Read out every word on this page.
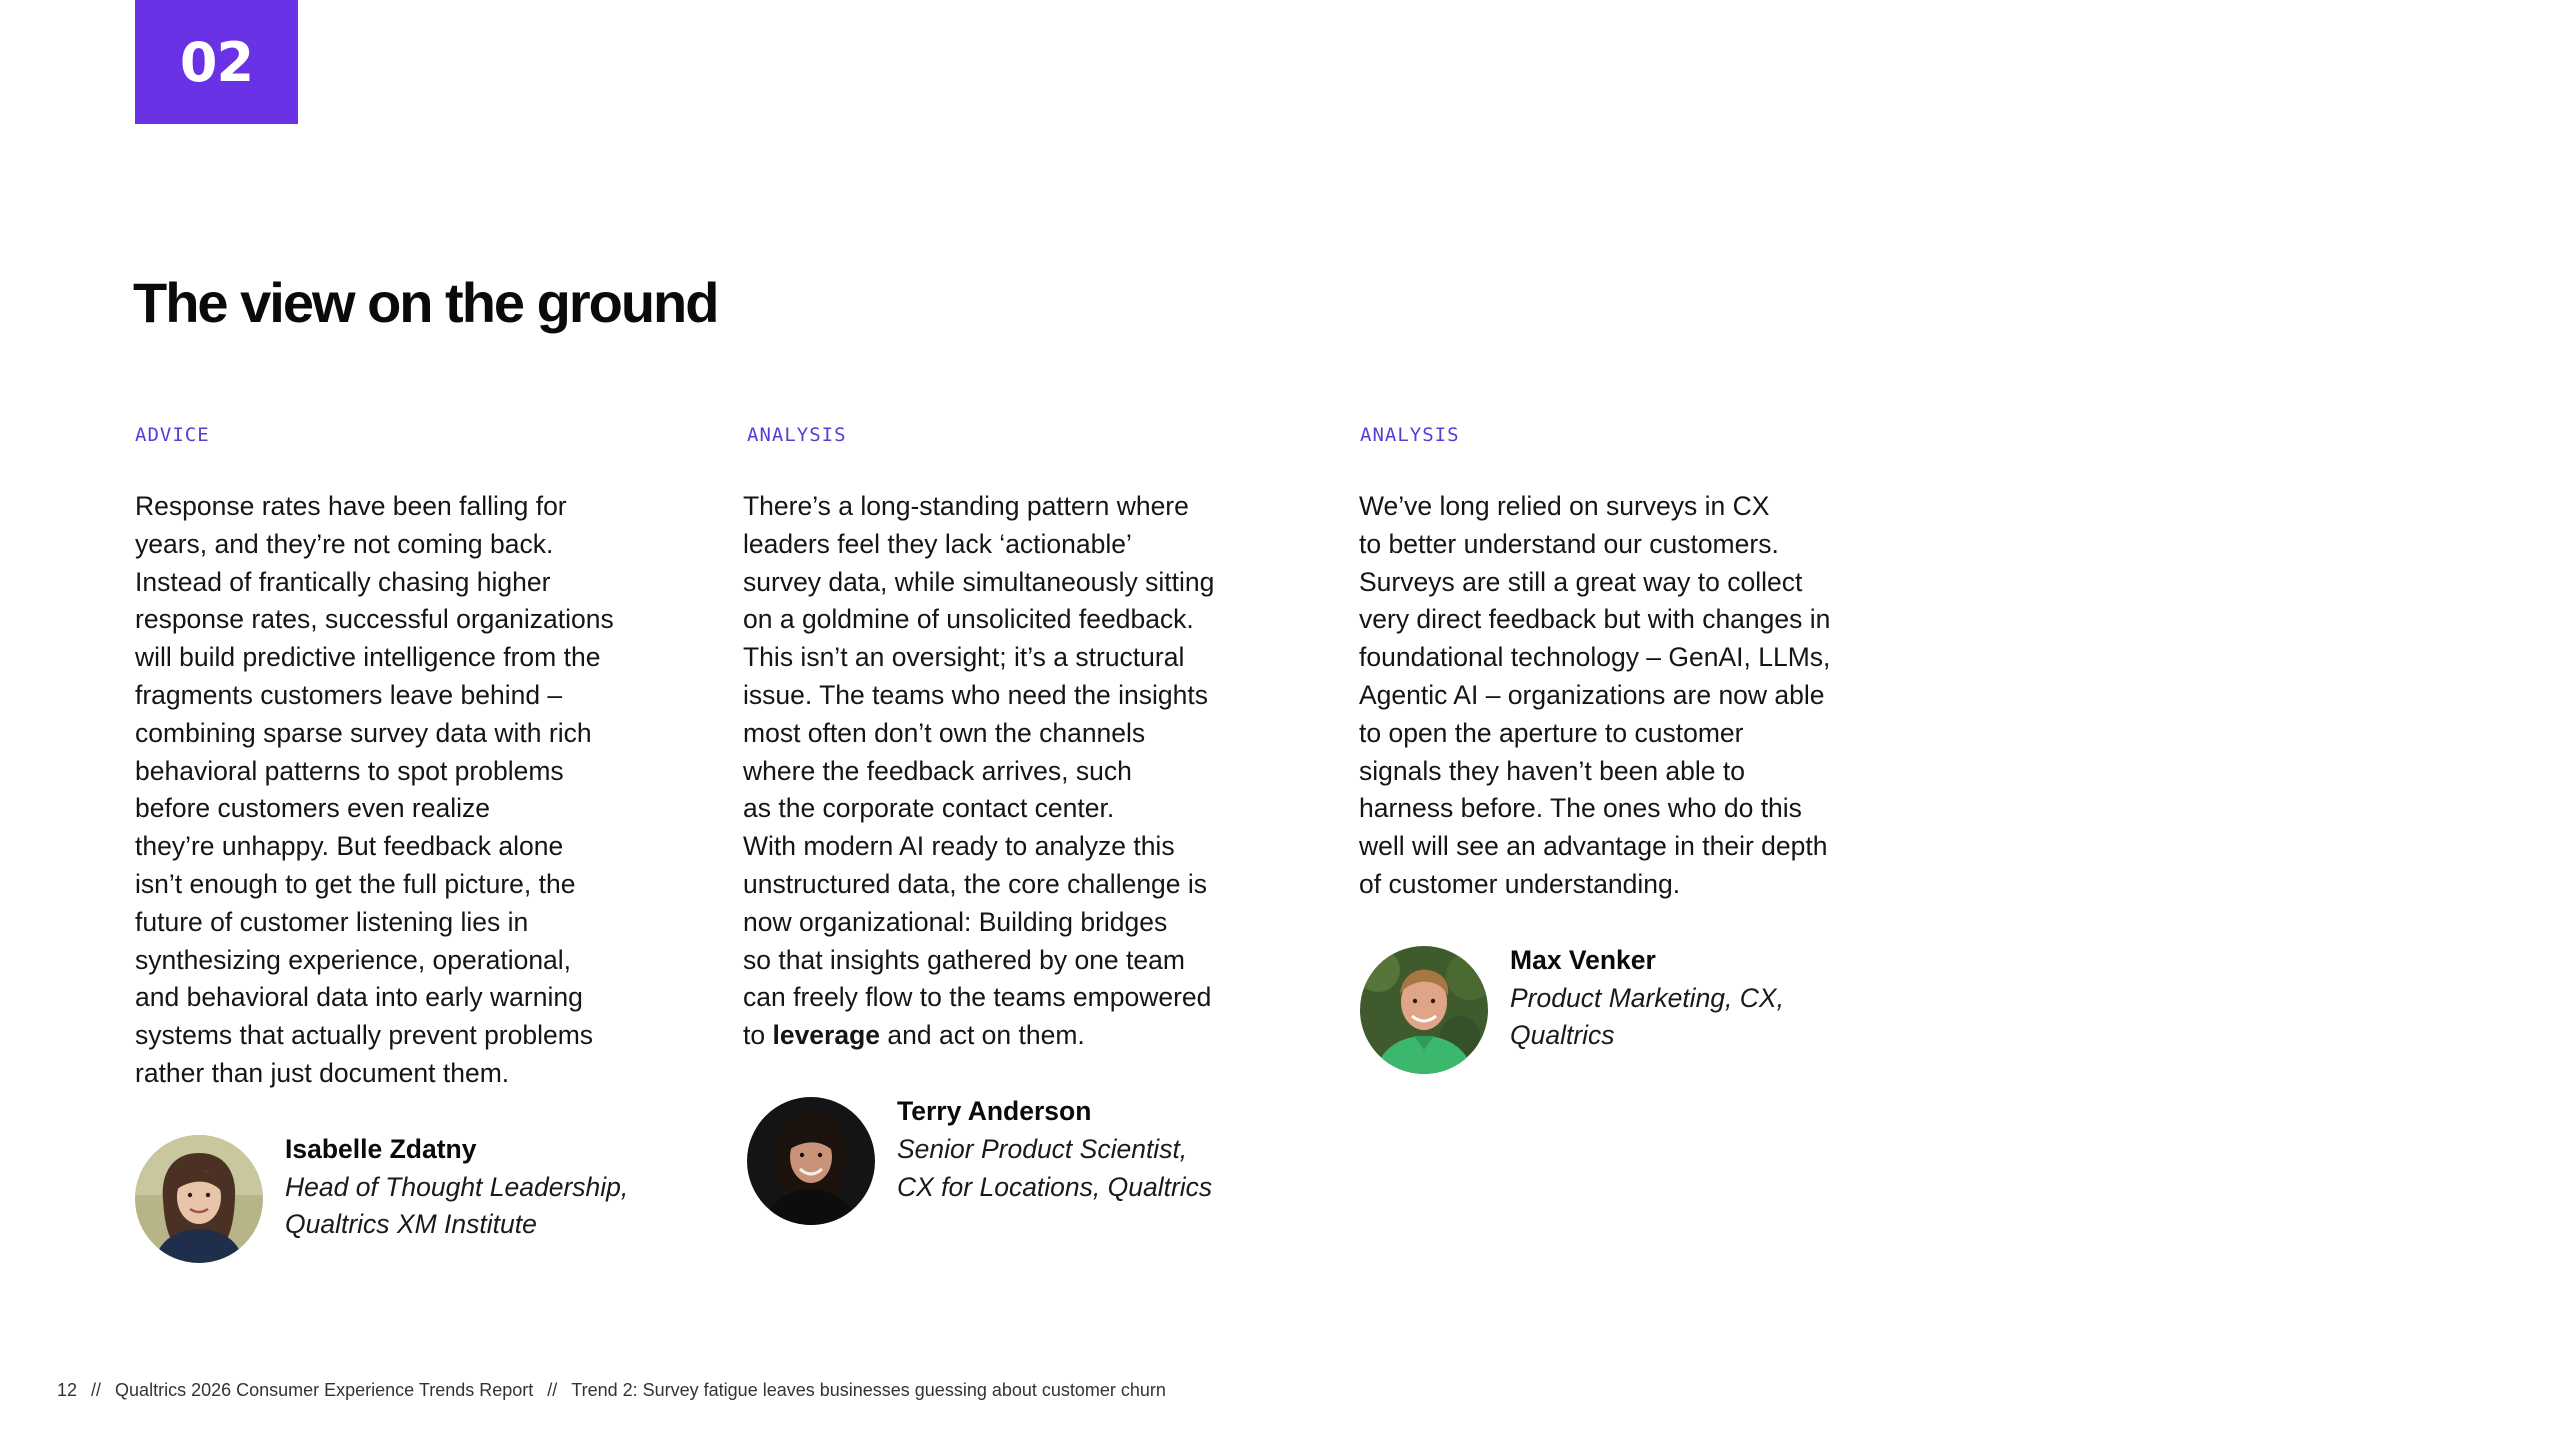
02
The view on the ground

ADVICE

Response rates have been falling for
years, and they’re not coming back.
Instead of frantically chasing higher
response rates, successful organizations
will build predictive intelligence from the
fragments customers leave behind –
combining sparse survey data with rich
behavioral patterns to spot problems
before customers even realize
they’re unhappy. But feedback alone
isn’t enough to get the full picture, the
future of customer listening lies in
synthesizing experience, operational,
and behavioral data into early warning
systems that actually prevent problems
rather than just document them.

Isabelle Zdatny
Head of Thought Leadership,
Qualtrics XM Institute

ANALYSIS

There’s a long-standing pattern where
leaders feel they lack ‘actionable’
survey data, while simultaneously sitting
on a goldmine of unsolicited feedback.
This isn’t an oversight; it’s a structural
issue. The teams who need the insights
most often don’t own the channels
where the feedback arrives, such
as the corporate contact center.
With modern AI ready to analyze this
unstructured data, the core challenge is
now organizational: Building bridges
so that insights gathered by one team
can freely flow to the teams empowered
to leverage and act on them.

Terry Anderson
Senior Product Scientist,
CX for Locations, Qualtrics

ANALYSIS

We’ve long relied on surveys in CX
to better understand our customers.
Surveys are still a great way to collect
very direct feedback but with changes in
foundational technology – GenAI, LLMs,
Agentic AI – organizations are now able
to open the aperture to customer
signals they haven’t been able to
harness before. The ones who do this
well will see an advantage in their depth
of customer understanding.

Max Venker
Product Marketing, CX,
Qualtrics
12 // Qualtrics 2026 Consumer Experience Trends Report // Trend 2: Survey fatigue leaves businesses guessing about customer churn
